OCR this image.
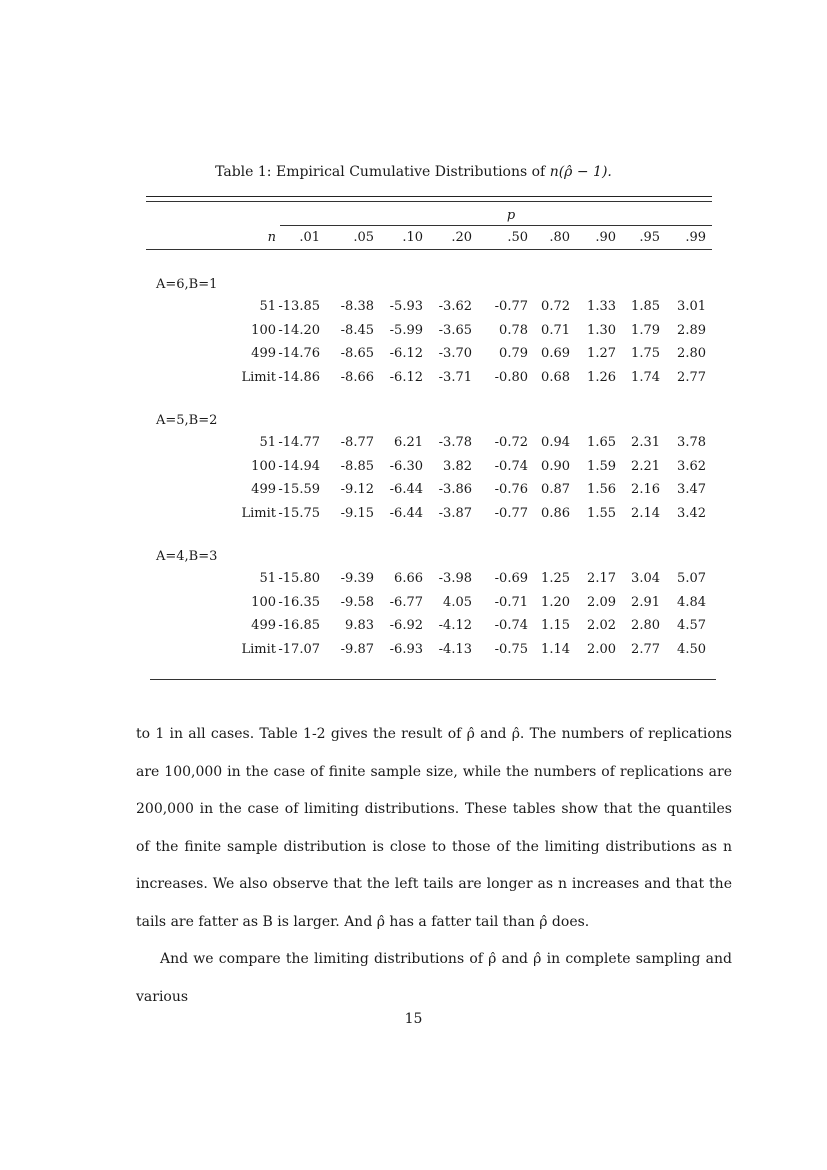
Table 1: Empirical Cumulative Distributions of n(ρ̂ − 1).
p
n	.01	.05	.10	.20	.50	.80	.90	.95	.99
A=6,B=1
51 -13.85	-8.38	-5.93	-3.62	-0.77	0.72	1.33	1.85	3.01
100 -14.20	-8.45	-5.99	-3.65	0.78	0.71	1.30	1.79	2.89
499 -14.76	-8.65	-6.12	-3.70	0.79	0.69	1.27	1.75	2.80
Limit -14.86	-8.66	-6.12	-3.71	-0.80	0.68	1.26	1.74	2.77
A=5,B=2
51 -14.77	-8.77	6.21	-3.78	-0.72	0.94	1.65	2.31	3.78
100 -14.94	-8.85	-6.30	3.82	-0.74	0.90	1.59	2.21	3.62
499 -15.59	-9.12	-6.44	-3.86	-0.76	0.87	1.56	2.16	3.47
Limit -15.75	-9.15	-6.44	-3.87	-0.77	0.86	1.55	2.14	3.42
A=4,B=3
51 -15.80	-9.39	6.66	-3.98	-0.69	1.25	2.17	3.04	5.07
100 -16.35	-9.58	-6.77	4.05	-0.71	1.20	2.09	2.91	4.84
499 -16.85	9.83	-6.92	-4.12	-0.74	1.15	2.02	2.80	4.57
Limit -17.07	-9.87	-6.93	-4.13	-0.75	1.14	2.00	2.77	4.50

to 1 in all cases. Table 1-2 gives the result of ρ̂ and ρ̂. The numbers of replications are 100,000 in the case of finite sample size, while the numbers of replications are 200,000 in the case of limiting distributions. These tables show that the quantiles of the finite sample distribution is close to those of the limiting distributions as n increases. We also observe that the left tails are longer as n increases and that the tails are fatter as B is larger. And ρ̂ has a fatter tail than ρ̂ does.

And we compare the limiting distributions of ρ̂ and ρ̂ in complete sampling and various

15
